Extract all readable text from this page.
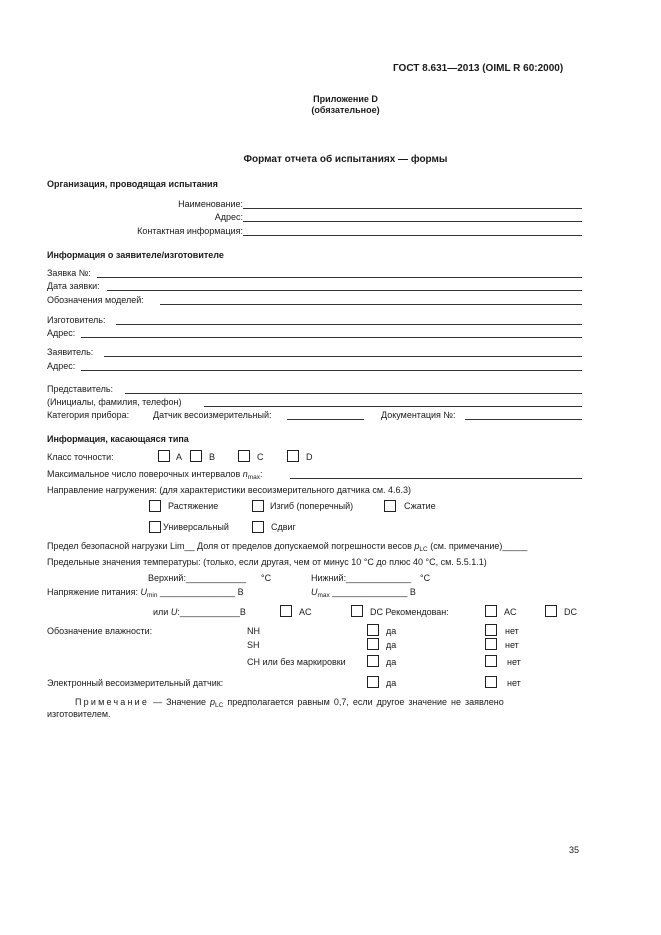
ГОСТ 8.631—2013 (OIML R 60:2000)
Приложение D
(обязательное)
Формат отчета об испытаниях — формы
Организация, проводящая испытания
Наименование:
Адрес:
Контактная информация:
Информация о заявителе/изготовителе
Заявка №:
Дата заявки:
Обозначения моделей:
Изготовитель:
Адрес:
Заявитель:
Адрес:
Представитель:
(Инициалы, фамилия, телефон)
Категория прибора:	Датчик весоизмерительный:	Документация №:
Информация, касающаяся типа
Класс точности:	A	B	C	D
Максимальное число поверочных интервалов $n_{max}$:
Направление нагружения: (для характеристики весоизмерительного датчика см. 4.6.3)
Растяжение	Изгиб (поперечный)	Сжатие
Универсальный	Сдвиг
Предел безопасной нагрузки Lim__ Доля от пределов допускаемой погрешности весов $p_{LC}$ (см. примечание)_____
Предельные значения температуры: (только, если другая, чем от минус 10 °C до плюс 40 °C, см. 5.5.1.1)
Верхний:____________ °C	Нижний:_____________ °C
Напряжение питания: $U_{min}$ _______________ В	$U_{max}$ _______________ В
или U:____________В	AC	DC Рекомендован:	AC	DC
Обозначение влажности:	NH	да	нет
SH	да	нет
CH или без маркировки	да	нет
Электронный весоизмерительный датчик:	да	нет
Примечание — Значение $p_{LC}$ предполагается равным 0,7, если другое значение не заявлено
изготовителем.
35
